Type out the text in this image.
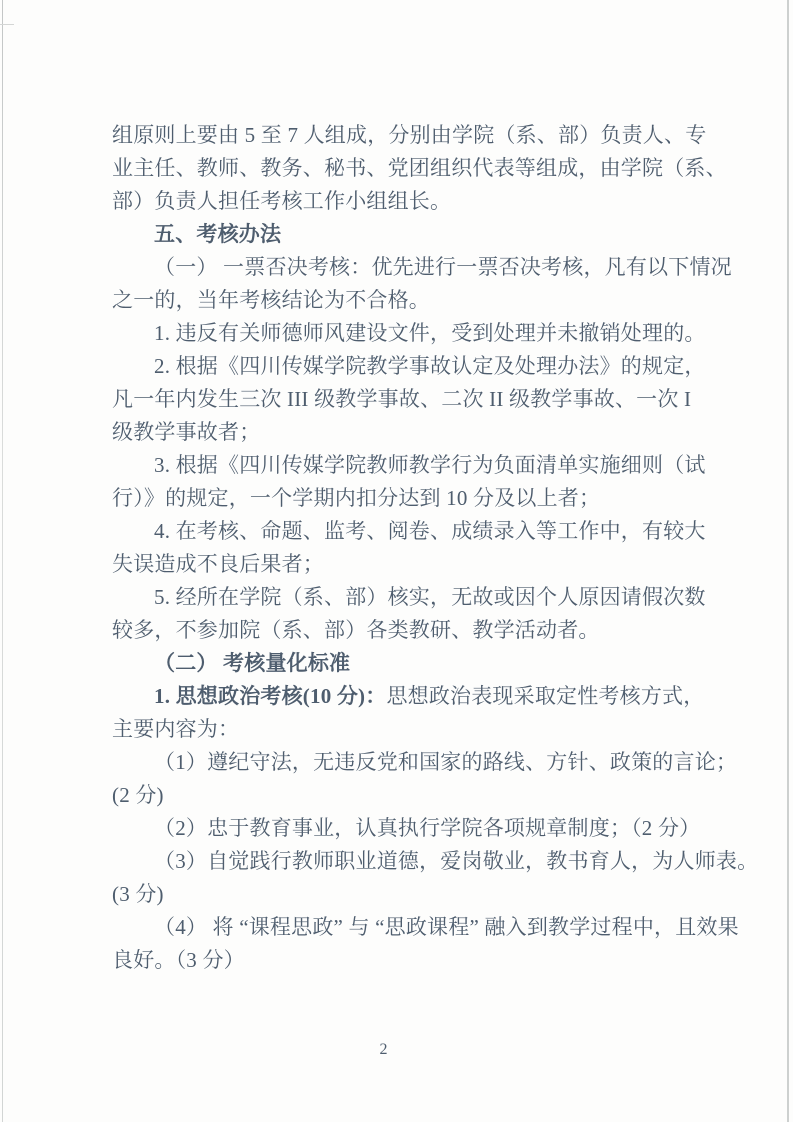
组原则上要由 5 至 7 人组成，分别由学院（系、部）负责人、专
业主任、教师、教务、秘书、党团组织代表等组成，由学院（系、
部）负责人担任考核工作小组组长。
五、考核办法
（一） 一票否决考核：优先进行一票否决考核，凡有以下情况
之一的，当年考核结论为不合格。
1. 违反有关师德师风建设文件，受到处理并未撤销处理的。
2. 根据《四川传媒学院教学事故认定及处理办法》的规定，
凡一年内发生三次 III 级教学事故、二次 II 级教学事故、一次 I
级教学事故者；
3. 根据《四川传媒学院教师教学行为负面清单实施细则（试
行）》的规定，一个学期内扣分达到 10 分及以上者；
4. 在考核、命题、监考、阅卷、成绩录入等工作中，有较大
失误造成不良后果者；
5. 经所在学院（系、部）核实，无故或因个人原因请假次数
较多，不参加院（系、部）各类教研、教学活动者。
（二） 考核量化标准
1. 思想政治考核(10 分)：思想政治表现采取定性考核方式，
主要内容为：
（1）遵纪守法，无违反党和国家的路线、方针、政策的言论；
(2 分)
（2）忠于教育事业，认真执行学院各项规章制度；（2 分）
（3）自觉践行教师职业道德，爱岗敬业，教书育人，为人师表。
(3 分)
（4） 将 “课程思政” 与 “思政课程” 融入到教学过程中，且效果
良好。（3 分）
2
